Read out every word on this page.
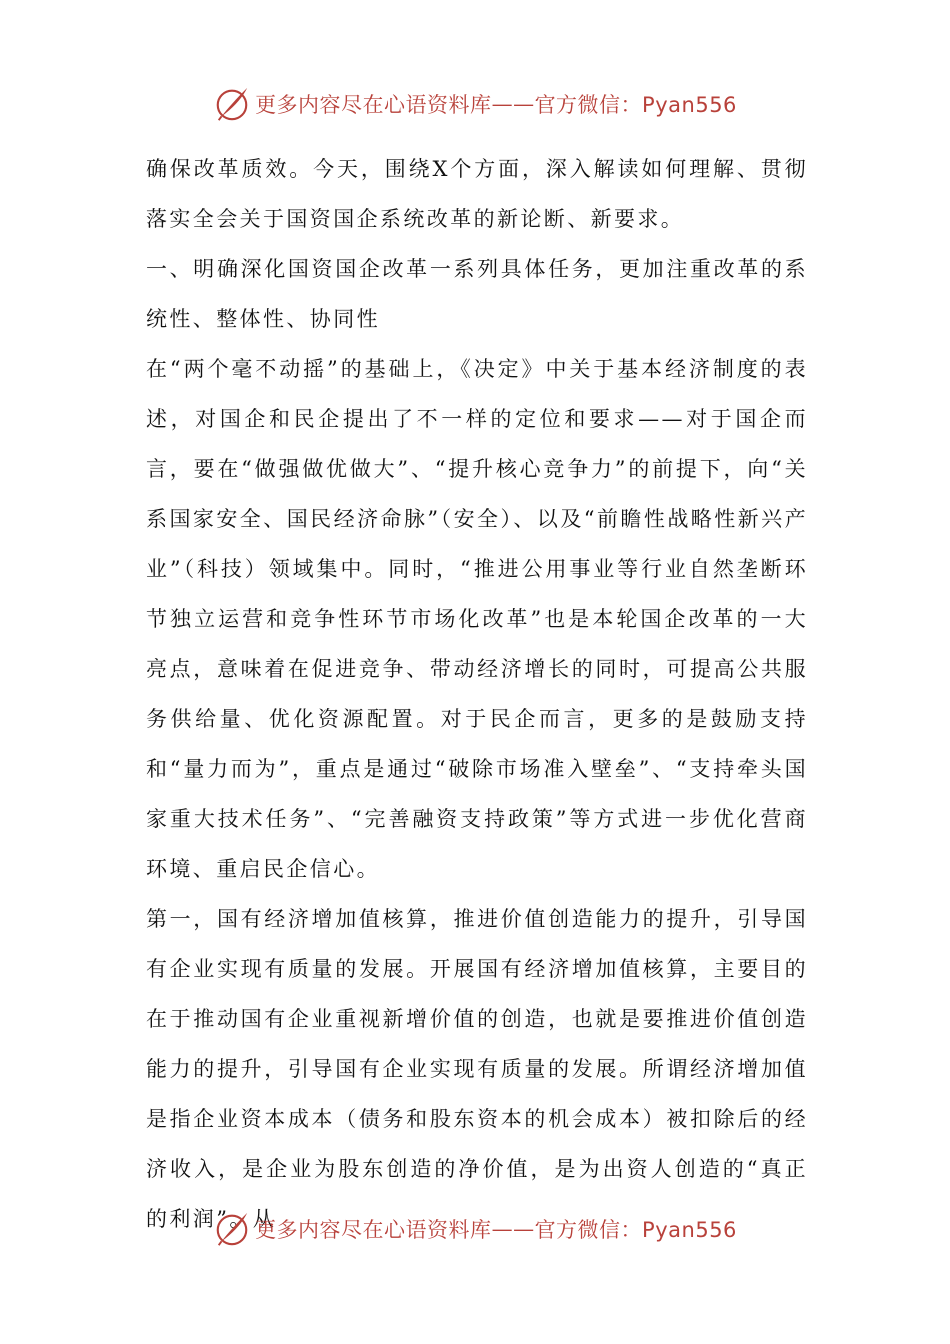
更多内容尽在心语资料库 —— 官方微信：Pyan556

确保改革质效。今天，围绕X个方面，深入解读如何理解、贯彻落实全会关于国资国企系统改革的新论断、新要求。

一、明确深化国资国企改革一系列具体任务，更加注重改革的系统性、整体性、协同性

在“两个毫不动摇”的基础上，《决定》中关于基本经济制度的表述，对国企和民企提出了不一样的定位和要求——对于国企而言，要在“做强做优做大”、“提升核心竞争力”的前提下，向“关系国家安全、国民经济命脉”（安全）、以及“前瞻性战略性新兴产业”（科技）领域集中。同时，“推进公用事业等行业自然垄断环节独立运营和竞争性环节市场化改革”也是本轮国企改革的一大亮点，意味着在促进竞争、带动经济增长的同时，可提高公共服务供给量、优化资源配置。对于民企而言，更多的是鼓励支持和“量力而为”，重点是通过“破除市场准入壁垒”、“支持牵头国家重大技术任务”、“完善融资支持政策”等方式进一步优化营商环境、重启民企信心。

第一，国有经济增加值核算，推进价值创造能力的提升，引导国有企业实现有质量的发展。开展国有经济增加值核算，主要目的在于推动国有企业重视新增价值的创造，也就是要推进价值创造能力的提升，引导国有企业实现有质量的发展。所谓经济增加值是指企业资本成本（债务和股东资本的机会成本）被扣除后的经济收入，是企业为股东创造的净价值，是为出资人创造的“真正的利润”。从

更多内容尽在心语资料库 —— 官方微信：Pyan556
